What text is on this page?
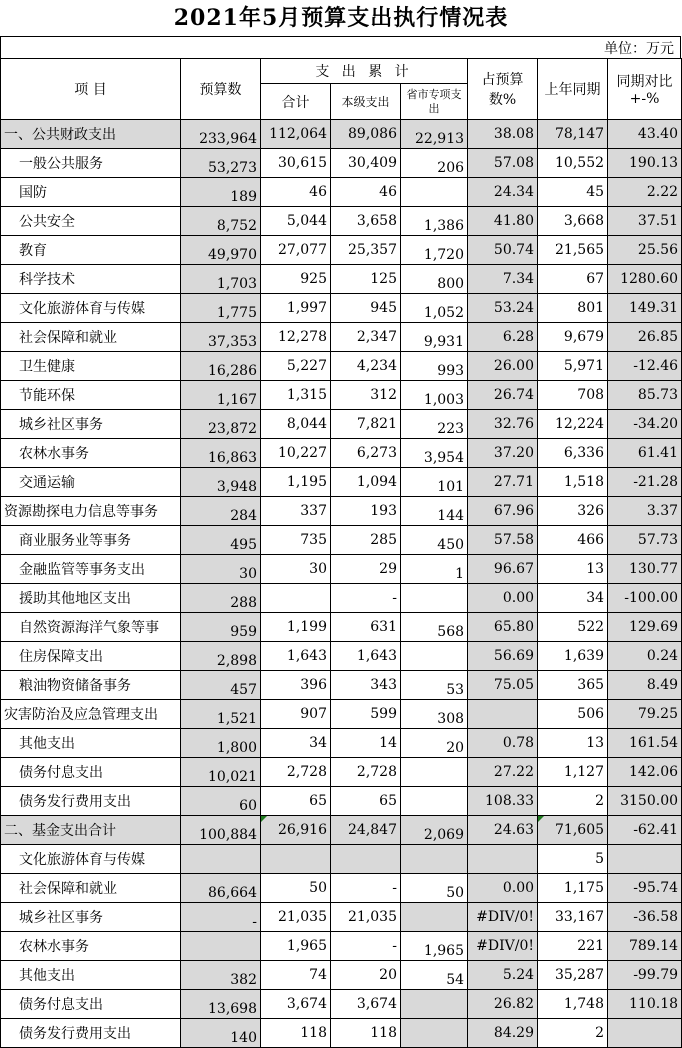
2021年5月预算支出执行情况表
单位：万元
项 目	预算数	支 出 累 计			占预算数%	上年同期	同期对比+-%
		合计	本级支出	省市专项支出			
一、公共财政支出	233,964	112,064	89,086	22,913	38.08	78,147	43.40
一般公共服务	53,273	30,615	30,409	206	57.08	10,552	190.13
国防	189	46	46		24.34	45	2.22
公共安全	8,752	5,044	3,658	1,386	41.80	3,668	37.51
教育	49,970	27,077	25,357	1,720	50.74	21,565	25.56
科学技术	1,703	925	125	800	7.34	67	1280.60
文化旅游体育与传媒	1,775	1,997	945	1,052	53.24	801	149.31
社会保障和就业	37,353	12,278	2,347	9,931	6.28	9,679	26.85
卫生健康	16,286	5,227	4,234	993	26.00	5,971	-12.46
节能环保	1,167	1,315	312	1,003	26.74	708	85.73
城乡社区事务	23,872	8,044	7,821	223	32.76	12,224	-34.20
农林水事务	16,863	10,227	6,273	3,954	37.20	6,336	61.41
交通运输	3,948	1,195	1,094	101	27.71	1,518	-21.28
资源勘探电力信息等事务	284	337	193	144	67.96	326	3.37
商业服务业等事务	495	735	285	450	57.58	466	57.73
金融监管等事务支出	30	30	29	1	96.67	13	130.77
援助其他地区支出	288		-		0.00	34	-100.00
自然资源海洋气象等事	959	1,199	631	568	65.80	522	129.69
住房保障支出	2,898	1,643	1,643		56.69	1,639	0.24
粮油物资储备事务	457	396	343	53	75.05	365	8.49
灾害防治及应急管理支出	1,521	907	599	308		506	79.25
其他支出	1,800	34	14	20	0.78	13	161.54
债务付息支出	10,021	2,728	2,728		27.22	1,127	142.06
债务发行费用支出	60	65	65		108.33	2	3150.00
二、基金支出合计	100,884	26,916	24,847	2,069	24.63	71,605	-62.41
文化旅游体育与传媒						5	
社会保障和就业	86,664	50	-	50	0.00	1,175	-95.74
城乡社区事务	-	21,035	21,035		#DIV/0!	33,167	-36.58
农林水事务		1,965	-	1,965	#DIV/0!	221	789.14
其他支出	382	74	20	54	5.24	35,287	-99.79
债务付息支出	13,698	3,674	3,674		26.82	1,748	110.18
债务发行费用支出	140	118	118		84.29	2	
